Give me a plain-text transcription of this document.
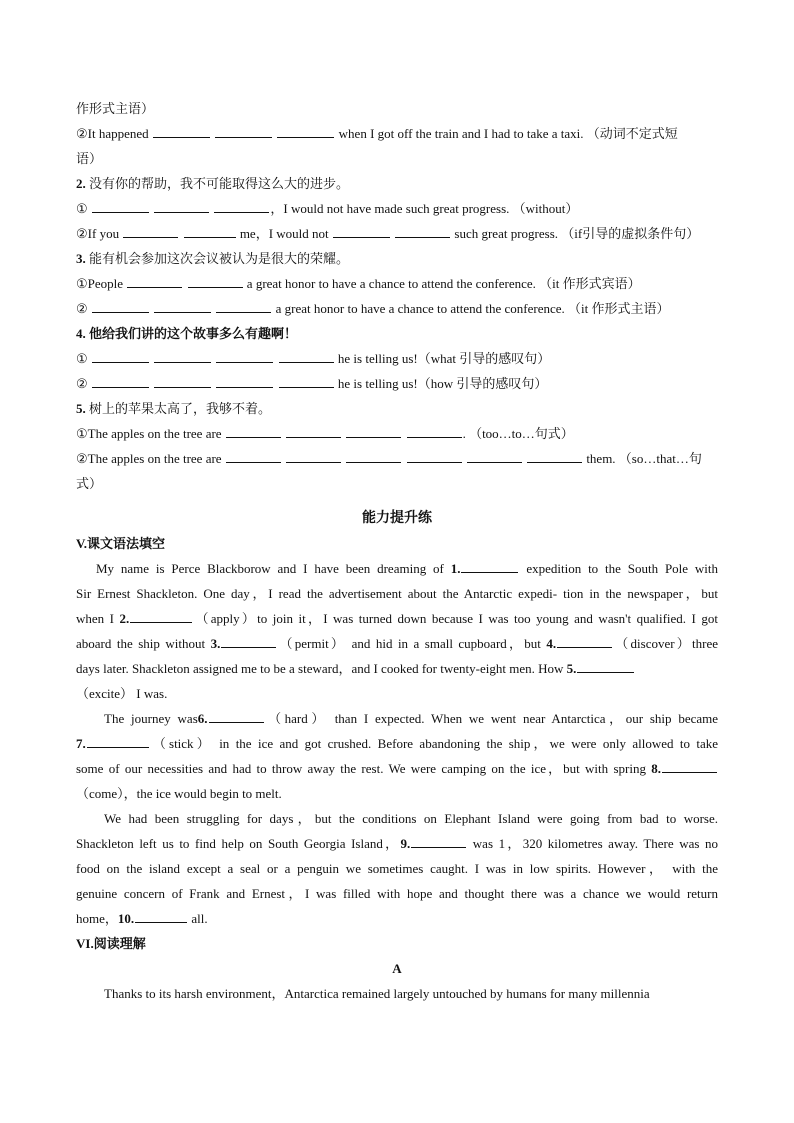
作形式主语）
②It happened	when I got off the train and I had to take a taxi. （动词不定式短
语）
2. 没有你的帮助，我不可能取得这么大的进步。
①	，I would not have made such great progress. （without）
②If you	me，I would not	such great progress. （if引导的虚拟条件句）
3. 能有机会参加这次会议被认为是很大的荣耀。
①People	a great honor to have a chance to attend the conference. （it 作形式宾语）
②	a great honor to have a chance to attend the conference. （it 作形式主语）
4. 他给我们讲的这个故事多么有趣啊！
①	he is telling us!（what 引导的感叹句）
②	he is telling us!（how 引导的感叹句）
5. 树上的苹果太高了，我够不着。
①The apples on the tree are	. （too…to…句式）
②The apples on the tree are	them. （so…that…句
式）
能力提升练
V.课文语法填空
My name is Perce Blackborow and I have been dreaming of 1.	expedition to the South Pole with
Sir Ernest Shackleton. One day，I read the advertisement about the Antarctic expedi- tion in the newspaper，but
when I 2.	（apply）to join it，I was turned down because I was too young and wasn't qualified. I got
aboard the ship without 3.	（permit） and hid in a small cupboard，but 4.	（discover）three
days later. Shackleton assigned me to be a steward，and I cooked for twenty-eight men. How 5.
（excite） I was.
The journey was6.	（hard） than I expected. When we went near Antarctica，our ship became
7.	（stick） in the ice and got crushed. Before abandoning the ship，we were only allowed to take
some of our necessities and had to throw away the rest. We were camping on the ice，but with spring 8.
（come），the ice would begin to melt.
We had been struggling for days，but the conditions on Elephant Island were going from bad to worse.
Shackleton left us to find help on South Georgia Island，9.	was 1，320 kilometres away. There was no
food on the island except a seal or a penguin we sometimes caught. I was in low spirits. However， with the
genuine concern of Frank and Ernest，I was filled with hope and thought there was a chance we would return
home，10.	all.
VI.阅读理解
A
Thanks to its harsh environment，Antarctica remained largely untouched by humans for many millennia
